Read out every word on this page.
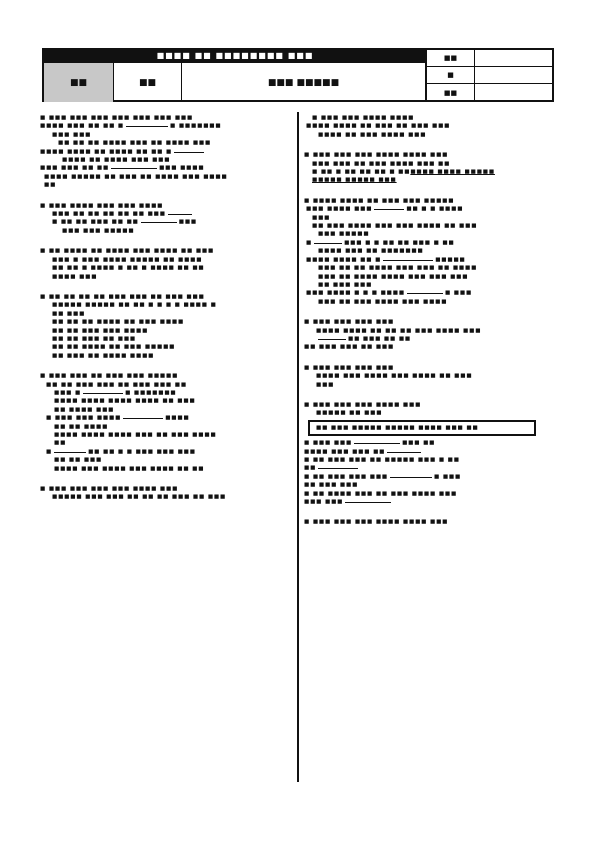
■■■■ ■■ ■■■■■■■■ ■■■
■■	■■	■■■ ■■■■■
■■
■
■■
■ ■■■ ■■■ ■■■ ■■■ ■■■ ■■■ ■■■
■■■■ ■■■ ■■ ■■ ■	■ ■■■■■■■
■■■ ■■■
■■ ■■ ■■ ■■■■ ■■■ ■■ ■■■■ ■■■
■■■■ ■■■■ ■■ ■■■■ ■■ ■■ ■
■■■■ ■■ ■■■■ ■■■ ■■■
■■■ ■■■ ■■ ■■	■■■ ■■■■
■■■■ ■■■■■ ■■ ■■■ ■■ ■■■■ ■■■ ■■■■
■■
■ ■■■ ■■■■ ■■■ ■■■ ■■■■
■■■ ■■ ■■ ■■ ■■ ■■ ■■■
■ ■■ ■■ ■■■ ■■ ■■	■■■
■■■ ■■■ ■■■■■
■ ■■ ■■■■ ■■ ■■■■ ■■■ ■■■■ ■■ ■■■
■■■ ■ ■■■ ■■■■ ■■■■■ ■■ ■■■■
■■ ■■ ■ ■■■■ ■ ■■ ■ ■■■■ ■■ ■■
■■■■ ■■■
■ ■■ ■■ ■■ ■■ ■■■ ■■■ ■■ ■■■ ■■■
■■■■■ ■■■■■ ■■ ■■ ■ ■ ■ ■ ■■■■ ■
■■ ■■■
■■ ■■ ■■ ■■■■ ■■ ■■■ ■■■■
■■ ■■ ■■■ ■■■ ■■■■
■■ ■■ ■■■ ■■ ■■■
■■ ■■ ■■■■ ■■ ■■■ ■■■■■
■■ ■■■ ■■ ■■■■ ■■■■
■ ■■■ ■■■ ■■ ■■■ ■■■ ■■■■■
■■ ■■ ■■■ ■■■ ■■ ■■■ ■■■ ■■
■■■ ■	■ ■■■■■■■
■■■■ ■■■■ ■■■■ ■■■■ ■■ ■■■
■■ ■■■■ ■■■
■ ■■■ ■■■ ■■■■	■■■■
■■ ■■ ■■■■
■■■■ ■■■■ ■■■■ ■■■ ■■ ■■■ ■■■■
■■
■	■■ ■■ ■ ■ ■■■ ■■■ ■■■
■■ ■■ ■■■
■■■■ ■■■ ■■■■ ■■■ ■■■■ ■■ ■■
■ ■■■ ■■■ ■■■ ■■■ ■■■■ ■■■
■■■■■ ■■■ ■■■ ■■ ■■ ■■ ■■■ ■■ ■■■
■ ■■■ ■■■ ■■■■ ■■■■
■■■■ ■■■■ ■■ ■■■ ■■ ■■■ ■■■
■■■■ ■■ ■■■ ■■■■ ■■■
■ ■■■ ■■■ ■■■ ■■■■ ■■■■ ■■■
■■■ ■■■ ■■ ■■■ ■■■■ ■■■ ■■
■ ■■ ■ ■■ ■■ ■■ ■ ■■■■■■ ■■■■ ■■■■■
■■■■■ ■■■■■ ■■■
■ ■■■■ ■■■■ ■■ ■■■ ■■■ ■■■■■
■■■ ■■■■ ■■■	■■ ■ ■ ■■■■
■■■
■■ ■■■ ■■■■ ■■■ ■■■ ■■■■ ■■ ■■■
■■■ ■■■■■
■	■■■ ■ ■ ■■ ■■ ■■■ ■ ■■
■■■■ ■■■ ■■ ■■■■■■■
■■■■ ■■■■ ■■ ■	■■■■■
■■■ ■■ ■■ ■■■■ ■■■ ■■■ ■■ ■■■■
■■■ ■■ ■■■■ ■■■■ ■■■ ■■■ ■■■
■■ ■■■ ■■■
■■■ ■■■■ ■ ■ ■ ■■■■	■ ■■■
■■■ ■■ ■■■ ■■■■ ■■■ ■■■■
■ ■■■ ■■■ ■■■ ■■■
■■■■ ■■■■ ■■ ■■ ■■ ■■■ ■■■■ ■■■
■■ ■■■ ■■ ■■
■■ ■■■ ■■■ ■■ ■■■
■ ■■■ ■■■ ■■■ ■■■
■■■■ ■■■ ■■■■ ■■■ ■■■■ ■■ ■■■
■■■
■ ■■■ ■■■ ■■■ ■■■■ ■■■
■■■■■ ■■ ■■■
■■ ■■■ ■■■■■ ■■■■■ ■■■■ ■■■ ■■
■ ■■■ ■■■	■■■ ■■
■■■■ ■■■ ■■■ ■■
■ ■■ ■■■ ■■■ ■■ ■■■■■ ■■■ ■ ■■
■■
■ ■■ ■■■ ■■■ ■■■	■ ■■■
■■ ■■■ ■■■
■ ■■ ■■■■ ■■■ ■■ ■■■ ■■■■ ■■■
■■■ ■■■
■ ■■■ ■■■ ■■■ ■■■■ ■■■■ ■■■
